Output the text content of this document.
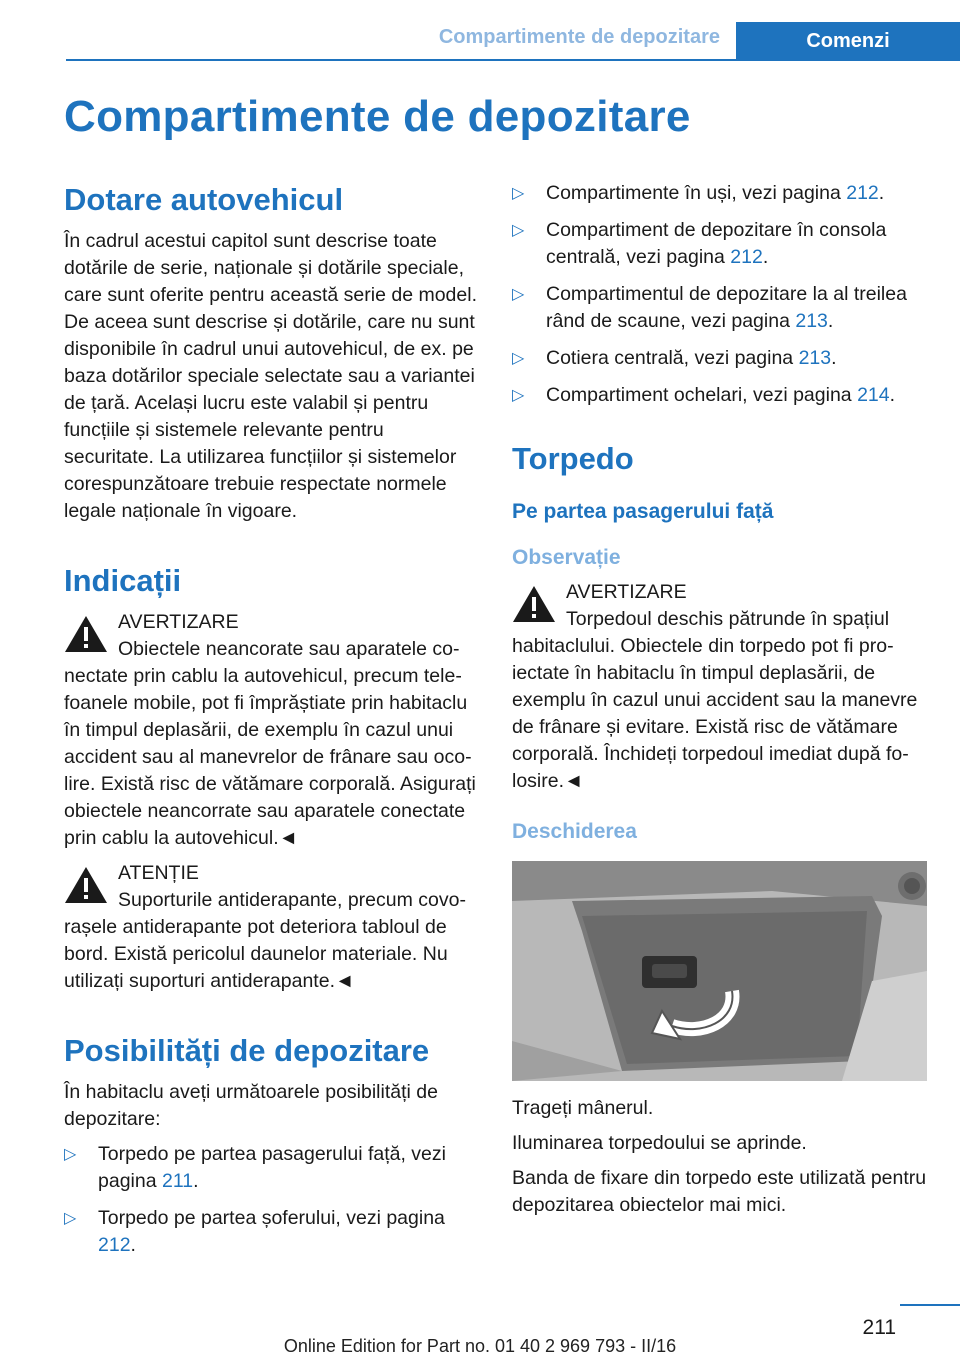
Compartimente de depozitare	Comenzi
Compartimente de depozitare
Dotare autovehicul

În cadrul acestui capitol sunt descrise toate dotările de serie, naționale și dotările speciale, care sunt oferite pentru această serie de model. De aceea sunt descrise și dotările, care nu sunt disponibile în cadrul unui autovehicul, de ex. pe baza dotărilor speciale selectate sau a variantei de țară. Același lucru este valabil și pentru funcțiile și sistemele relevante pentru securitate. La utilizarea funcțiilor și sistemelor corespunzătoare trebuie respectate normele legale naționale în vigoare.

Indicații
AVERTIZARE
Obiectele neancorate sau aparatele conectate prin cablu la autovehicul, precum telefoanele mobile, pot fi împrăștiate prin habitaclu în timpul deplasării, de exemplu în cazul unui accident sau al manevrelor de frânare sau ocolire. Există risc de vătămare corporală. Asigurați obiectele neancorrate sau aparatele conectate prin cablu la autovehicul.◄
ATENȚIE
Suporturile antiderapante, precum covorașele antiderapante pot deteriora tabloul de bord. Există pericolul daunelor materiale. Nu utilizați suporturi antiderapante.◄
Posibilități de depozitare

În habitaclu aveți următoarele posibilități de depozitare:

▷ Torpedo pe partea pasagerului față, vezi pagina 211.
▷ Torpedo pe partea șoferului, vezi pagina 212.
▷ Compartimente în uși, vezi pagina 212.
▷ Compartiment de depozitare în consola centrală, vezi pagina 212.
▷ Compartimentul de depozitare la al treilea rând de scaune, vezi pagina 213.
▷ Cotiera centrală, vezi pagina 213.
▷ Compartiment ochelari, vezi pagina 214.
Torpedo
Pe partea pasagerului față
Observație
AVERTIZARE
Torpedoul deschis pătrunde în spațiul habitaclului. Obiectele din torpedo pot fi proiectate în habitaclu în timpul deplasării, de exemplu în cazul unui accident sau la manevre de frânare și evitare. Există risc de vătămare corporală. Închideți torpedoul imediat după folosire.◄
Deschiderea

Trageți mânerul.

Iluminarea torpedoului se aprinde.

Banda de fixare din torpedo este utilizată pentru depozitarea obiectelor mai mici.

211
Online Edition for Part no. 01 40 2 969 793 - II/16
